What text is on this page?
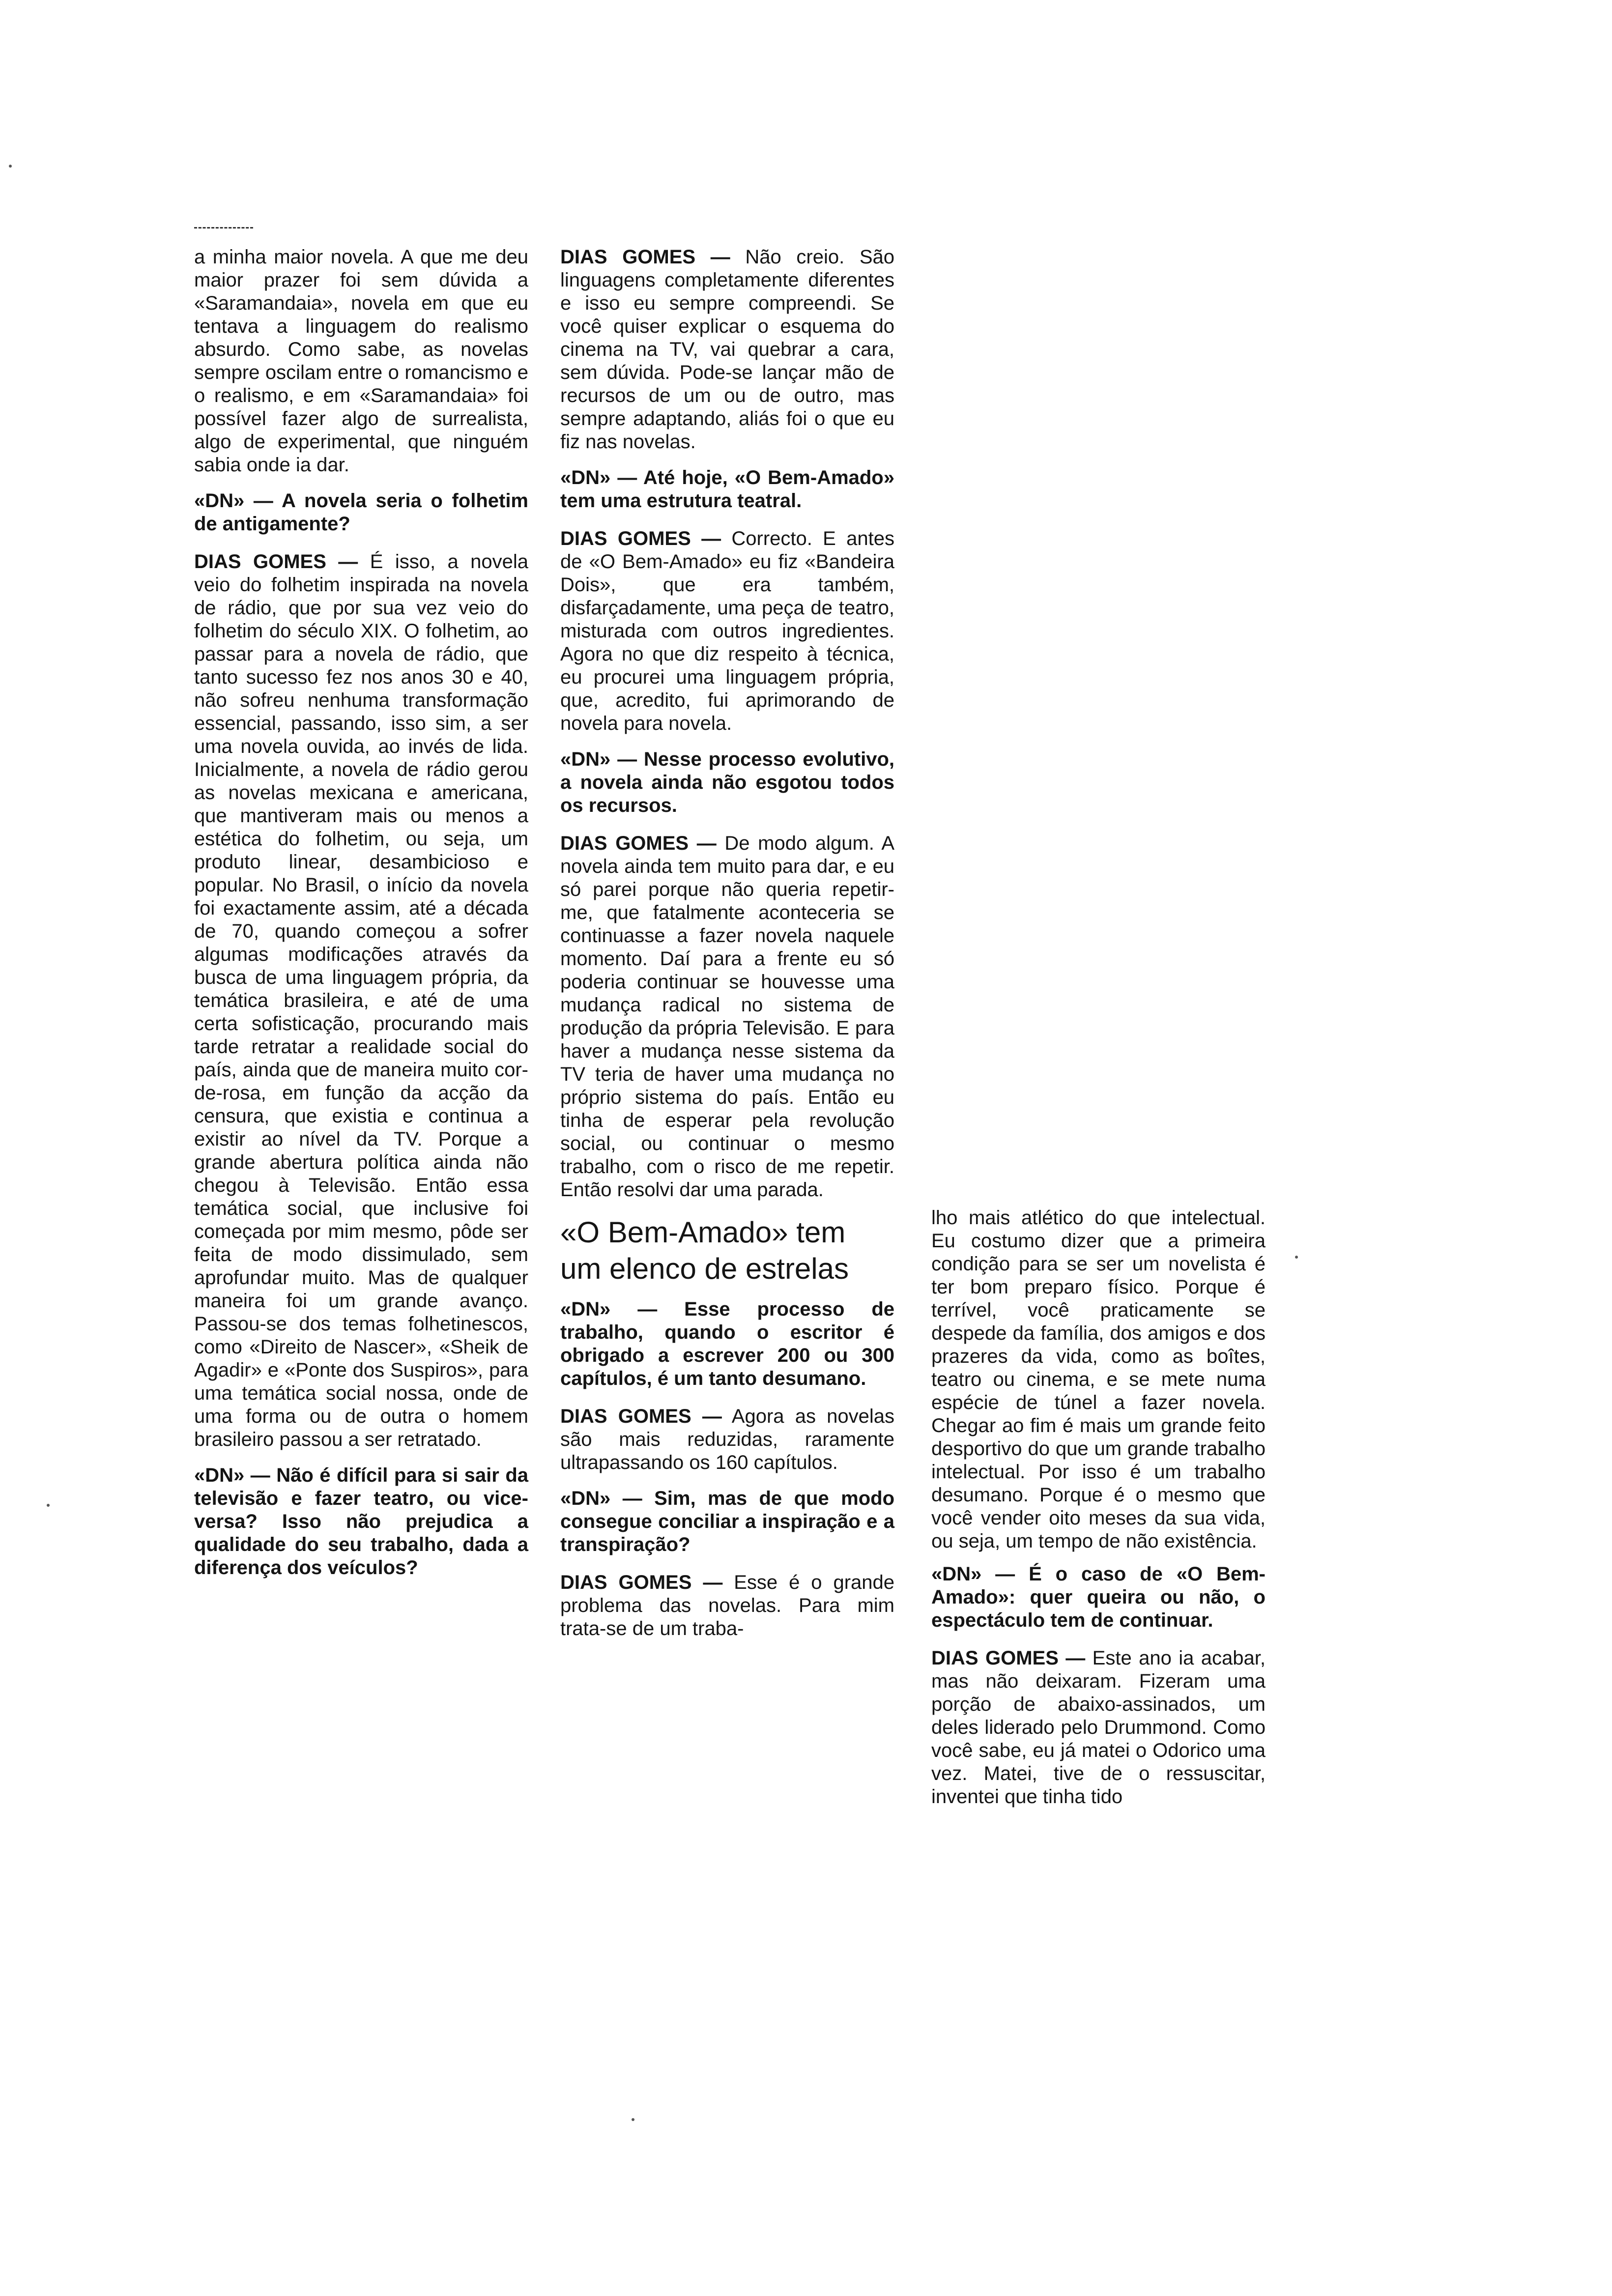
a minha maior novela. A que me deu maior prazer foi sem dúvida a «Saramandaia», novela em que eu tentava a linguagem do realismo absurdo. Como sabe, as novelas sempre oscilam entre o romancismo e o realismo, e em «Saramandaia» foi possível fazer algo de surrealista, algo de experimental, que ninguém sabia onde ia dar.

«DN» — A novela seria o folhetim de antigamente?

DIAS GOMES — É isso, a novela veio do folhetim inspirada na novela de rádio, que por sua vez veio do folhetim do século XIX. O folhetim, ao passar para a novela de rádio, que tanto sucesso fez nos anos 30 e 40, não sofreu nenhuma transformação essencial, passando, isso sim, a ser uma novela ouvida, ao invés de lida. Inicialmente, a novela de rádio gerou as novelas mexicana e americana, que mantiveram mais ou menos a estética do folhetim, ou seja, um produto linear, desambicioso e popular. No Brasil, o início da novela foi exactamente assim, até a década de 70, quando começou a sofrer algumas modificações através da busca de uma linguagem própria, da temática brasileira, e até de uma certa sofisticação, procurando mais tarde retratar a realidade social do país, ainda que de maneira muito cor-de-rosa, em função da acção da censura, que existia e continua a existir ao nível da TV. Porque a grande abertura política ainda não chegou à Televisão. Então essa temática social, que inclusive foi começada por mim mesmo, pôde ser feita de modo dissimulado, sem aprofundar muito. Mas de qualquer maneira foi um grande avanço. Passou-se dos temas folhetinescos, como «Direito de Nascer», «Sheik de Agadir» e «Ponte dos Suspiros», para uma temática social nossa, onde de uma forma ou de outra o homem brasileiro passou a ser retratado.

«DN» — Não é difícil para si sair da televisão e fazer teatro, ou vice-versa? Isso não prejudica a qualidade do seu trabalho, dada a diferença dos veículos?

DIAS GOMES — Não creio. São linguagens completamente diferentes e isso eu sempre compreendi. Se você quiser explicar o esquema do cinema na TV, vai quebrar a cara, sem dúvida. Pode-se lançar mão de recursos de um ou de outro, mas sempre adaptando, aliás foi o que eu fiz nas novelas.

«DN» — Até hoje, «O Bem-Amado» tem uma estrutura teatral.

DIAS GOMES — Correcto. E antes de «O Bem-Amado» eu fiz «Bandeira Dois», que era também, disfarçadamente, uma peça de teatro, misturada com outros ingredientes. Agora no que diz respeito à técnica, eu procurei uma linguagem própria, que, acredito, fui aprimorando de novela para novela.

«DN» — Nesse processo evolutivo, a novela ainda não esgotou todos os recursos.

DIAS GOMES — De modo algum. A novela ainda tem muito para dar, e eu só parei porque não queria repetir-me, que fatalmente aconteceria se continuasse a fazer novela naquele momento. Daí para a frente eu só poderia continuar se houvesse uma mudança radical no sistema de produção da própria Televisão. E para haver a mudança nesse sistema da TV teria de haver uma mudança no próprio sistema do país. Então eu tinha de esperar pela revolução social, ou continuar o mesmo trabalho, com o risco de me repetir. Então resolvi dar uma parada.

«O Bem-Amado» tem um elenco de estrelas

«DN» — Esse processo de trabalho, quando o escritor é obrigado a escrever 200 ou 300 capítulos, é um tanto desumano.

DIAS GOMES — Agora as novelas são mais reduzidas, raramente ultrapassando os 160 capítulos.

«DN» — Sim, mas de que modo consegue conciliar a inspiração e a transpiração?

DIAS GOMES — Esse é o grande problema das novelas. Para mim trata-se de um traba-

lho mais atlético do que intelectual. Eu costumo dizer que a primeira condição para se ser um novelista é ter bom preparo físico. Porque é terrível, você praticamente se despede da família, dos amigos e dos prazeres da vida, como as boîtes, teatro ou cinema, e se mete numa espécie de túnel a fazer novela. Chegar ao fim é mais um grande feito desportivo do que um grande trabalho intelectual. Por isso é um trabalho desumano. Porque é o mesmo que você vender oito meses da sua vida, ou seja, um tempo de não existência.

«DN» — É o caso de «O Bem-Amado»: quer queira ou não, o espectáculo tem de continuar.

DIAS GOMES — Este ano ia acabar, mas não deixaram. Fizeram uma porção de abaixo-assinados, um deles liderado pelo Drummond. Como você sabe, eu já matei o Odorico uma vez. Matei, tive de o ressuscitar, inventei que tinha tido
